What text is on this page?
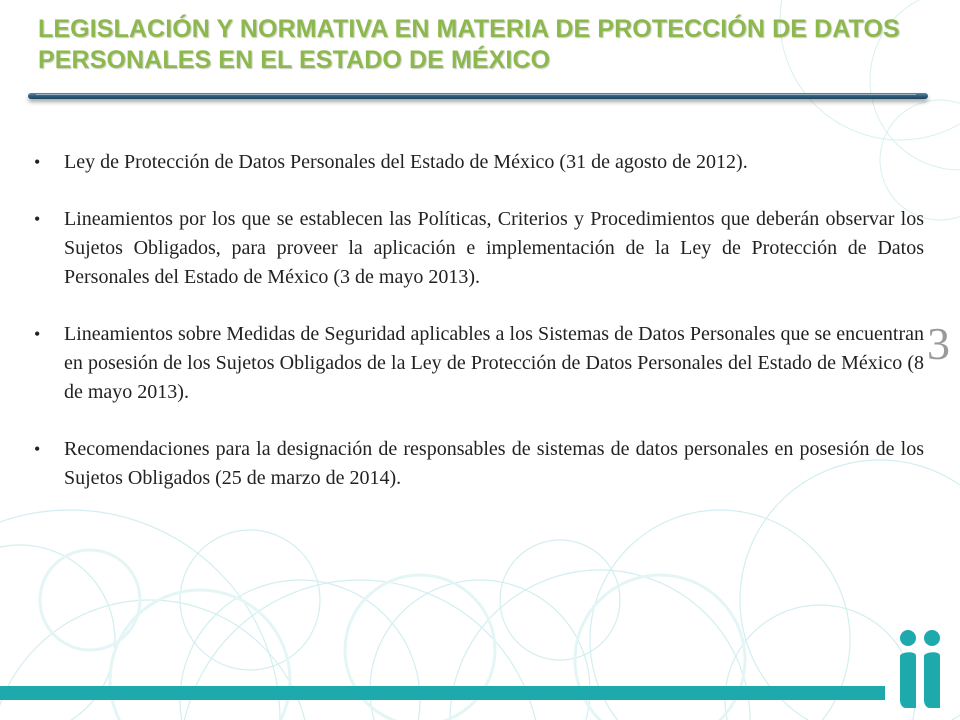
LEGISLACIÓN Y NORMATIVA EN MATERIA DE PROTECCIÓN DE DATOS PERSONALES EN EL ESTADO DE MÉXICO
• Ley de Protección de Datos Personales del Estado de México (31 de agosto de 2012).
• Lineamientos por los que se establecen las Políticas, Criterios y Procedimientos que deberán observar los Sujetos Obligados, para proveer la aplicación e implementación de la Ley de Protección de Datos Personales del Estado de México (3 de mayo 2013).
• Lineamientos sobre Medidas de Seguridad aplicables a los Sistemas de Datos Personales que se encuentran en posesión de los Sujetos Obligados de la Ley de Protección de Datos Personales del Estado de México (8 de mayo 2013).
• Recomendaciones para la designación de responsables de sistemas de datos personales en posesión de los Sujetos Obligados (25 de marzo de 2014).
3
